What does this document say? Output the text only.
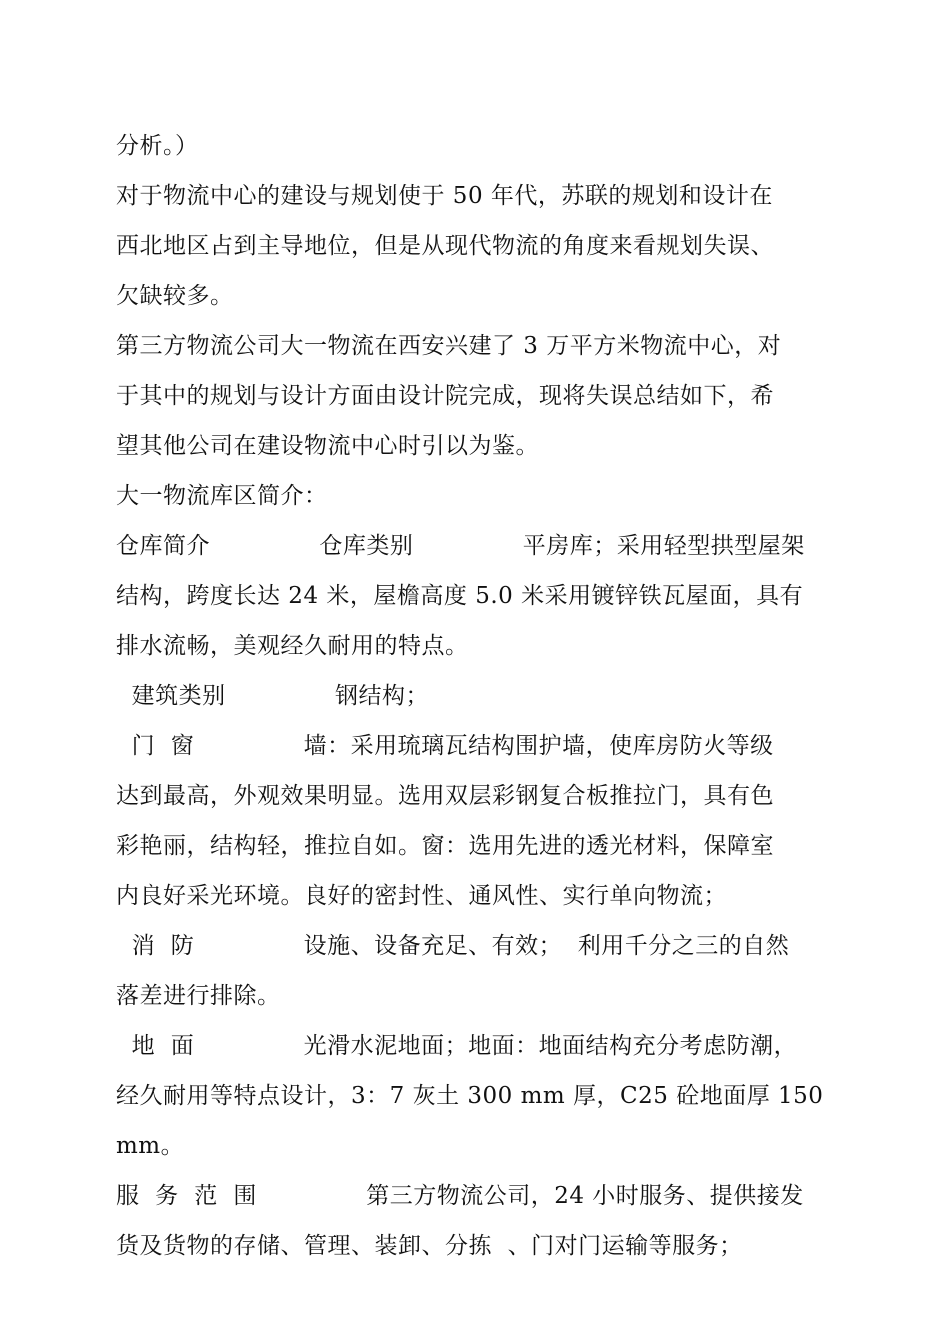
分析。）
对于物流中心的建设与规划使于 50 年代，苏联的规划和设计在
西北地区占到主导地位，但是从现代物流的角度来看规划失误、
欠缺较多。
第三方物流公司大一物流在西安兴建了 3 万平方米物流中心，对
于其中的规划与设计方面由设计院完成，现将失误总结如下，希
望其他公司在建设物流中心时引以为鉴。
大一物流库区简介：
仓库简介              仓库类别              平房库；采用轻型拱型屋架
结构，跨度长达 24 米，屋檐高度 5.0 米采用镀锌铁瓦屋面，具有
排水流畅，美观经久耐用的特点。
建筑类别              钢结构；
门  窗              墙：采用琉璃瓦结构围护墙，使库房防火等级
达到最高，外观效果明显。选用双层彩钢复合板推拉门，具有色
彩艳丽，结构轻，推拉自如。窗：选用先进的透光材料，保障室
内良好采光环境。良好的密封性、通风性、实行单向物流；
消  防              设施、设备充足、有效；  利用千分之三的自然
落差进行排除。
地  面              光滑水泥地面；地面：地面结构充分考虑防潮，
经久耐用等特点设计，3：7 灰土 300 mm 厚，C25 砼地面厚 150
mm。
服  务  范  围              第三方物流公司，24 小时服务、提供接发
货及货物的存储、管理、装卸、分拣  、门对门运输等服务；
